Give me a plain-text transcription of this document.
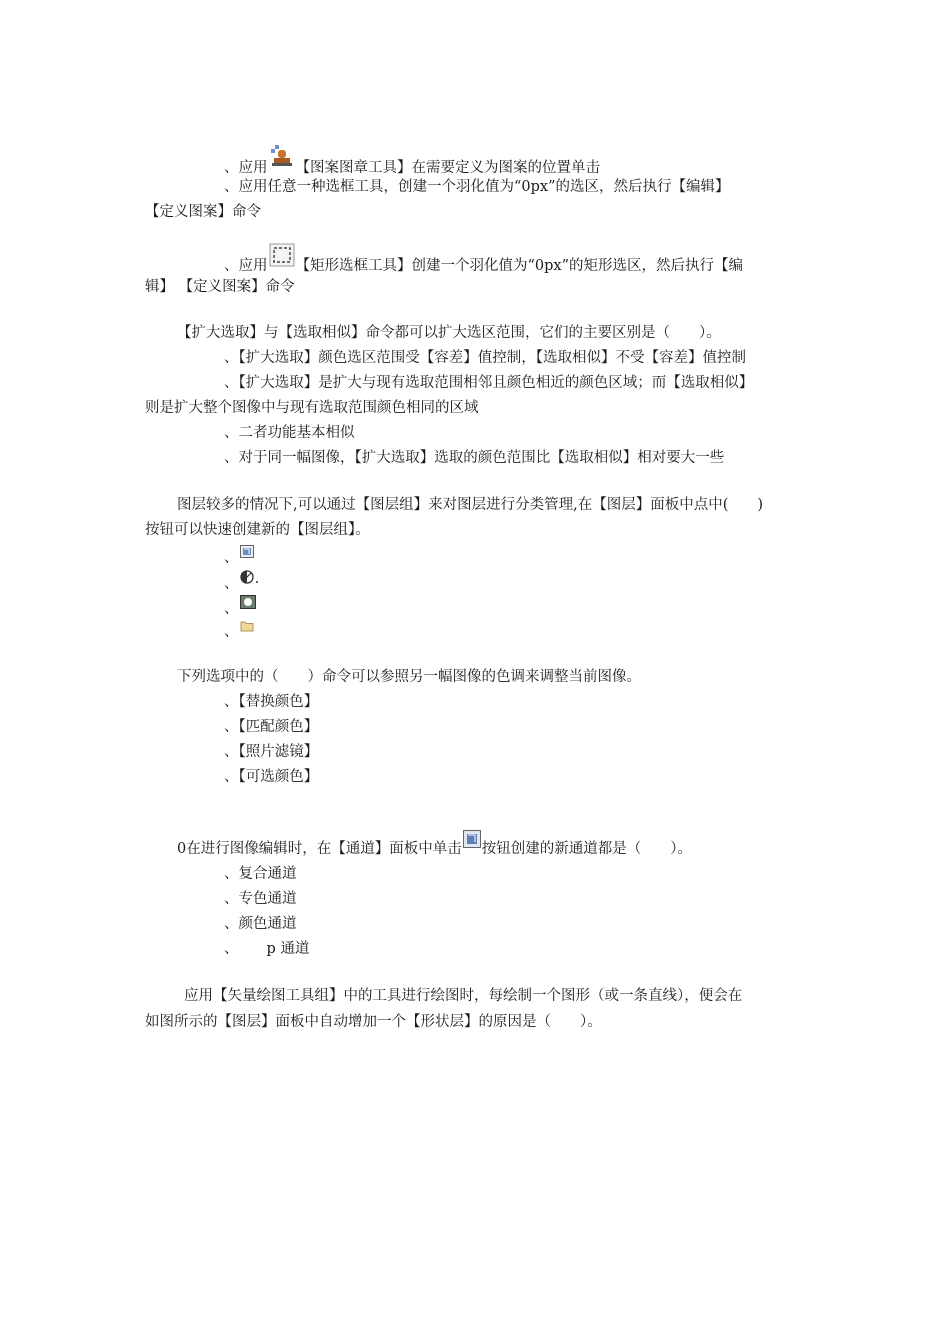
、应用 【图案图章工具】在需要定义为图案的位置单击
、应用任意一种选框工具，创建一个羽化值为“0px”的选区，然后执行【编辑】
【定义图案】命令
、应用 【矩形选框工具】创建一个羽化值为“0px”的矩形选区，然后执行【编
辑】 【定义图案】命令
【扩大选取】与【选取相似】命令都可以扩大选区范围，它们的主要区别是（　　）。
、【扩大选取】颜色选区范围受【容差】值控制，【选取相似】不受【容差】值控制
、【扩大选取】是扩大与现有选取范围相邻且颜色相近的颜色区域；而【选取相似】
则是扩大整个图像中与现有选取范围颜色相同的区域
、二者功能基本相似
、对于同一幅图像，【扩大选取】选取的颜色范围比【选取相似】相对要大一些
图层较多的情况下,可以通过【图层组】来对图层进行分类管理,在【图层】面板中点中(　　)
按钮可以快速创建新的【图层组】。
、
、
、
、
下列选项中的（　　）命令可以参照另一幅图像的色调来调整当前图像。
、【替换颜色】
、【匹配颜色】
、【照片滤镜】
、【可选颜色】
0在进行图像编辑时，在【通道】面板中单击 按钮创建的新通道都是（　　）。
、复合通道
、专色通道
、颜色通道
、 p 通道
应用【矢量绘图工具组】中的工具进行绘图时，每绘制一个图形（或一条直线），便会在
如图所示的【图层】面板中自动增加一个【形状层】的原因是（　　）。
